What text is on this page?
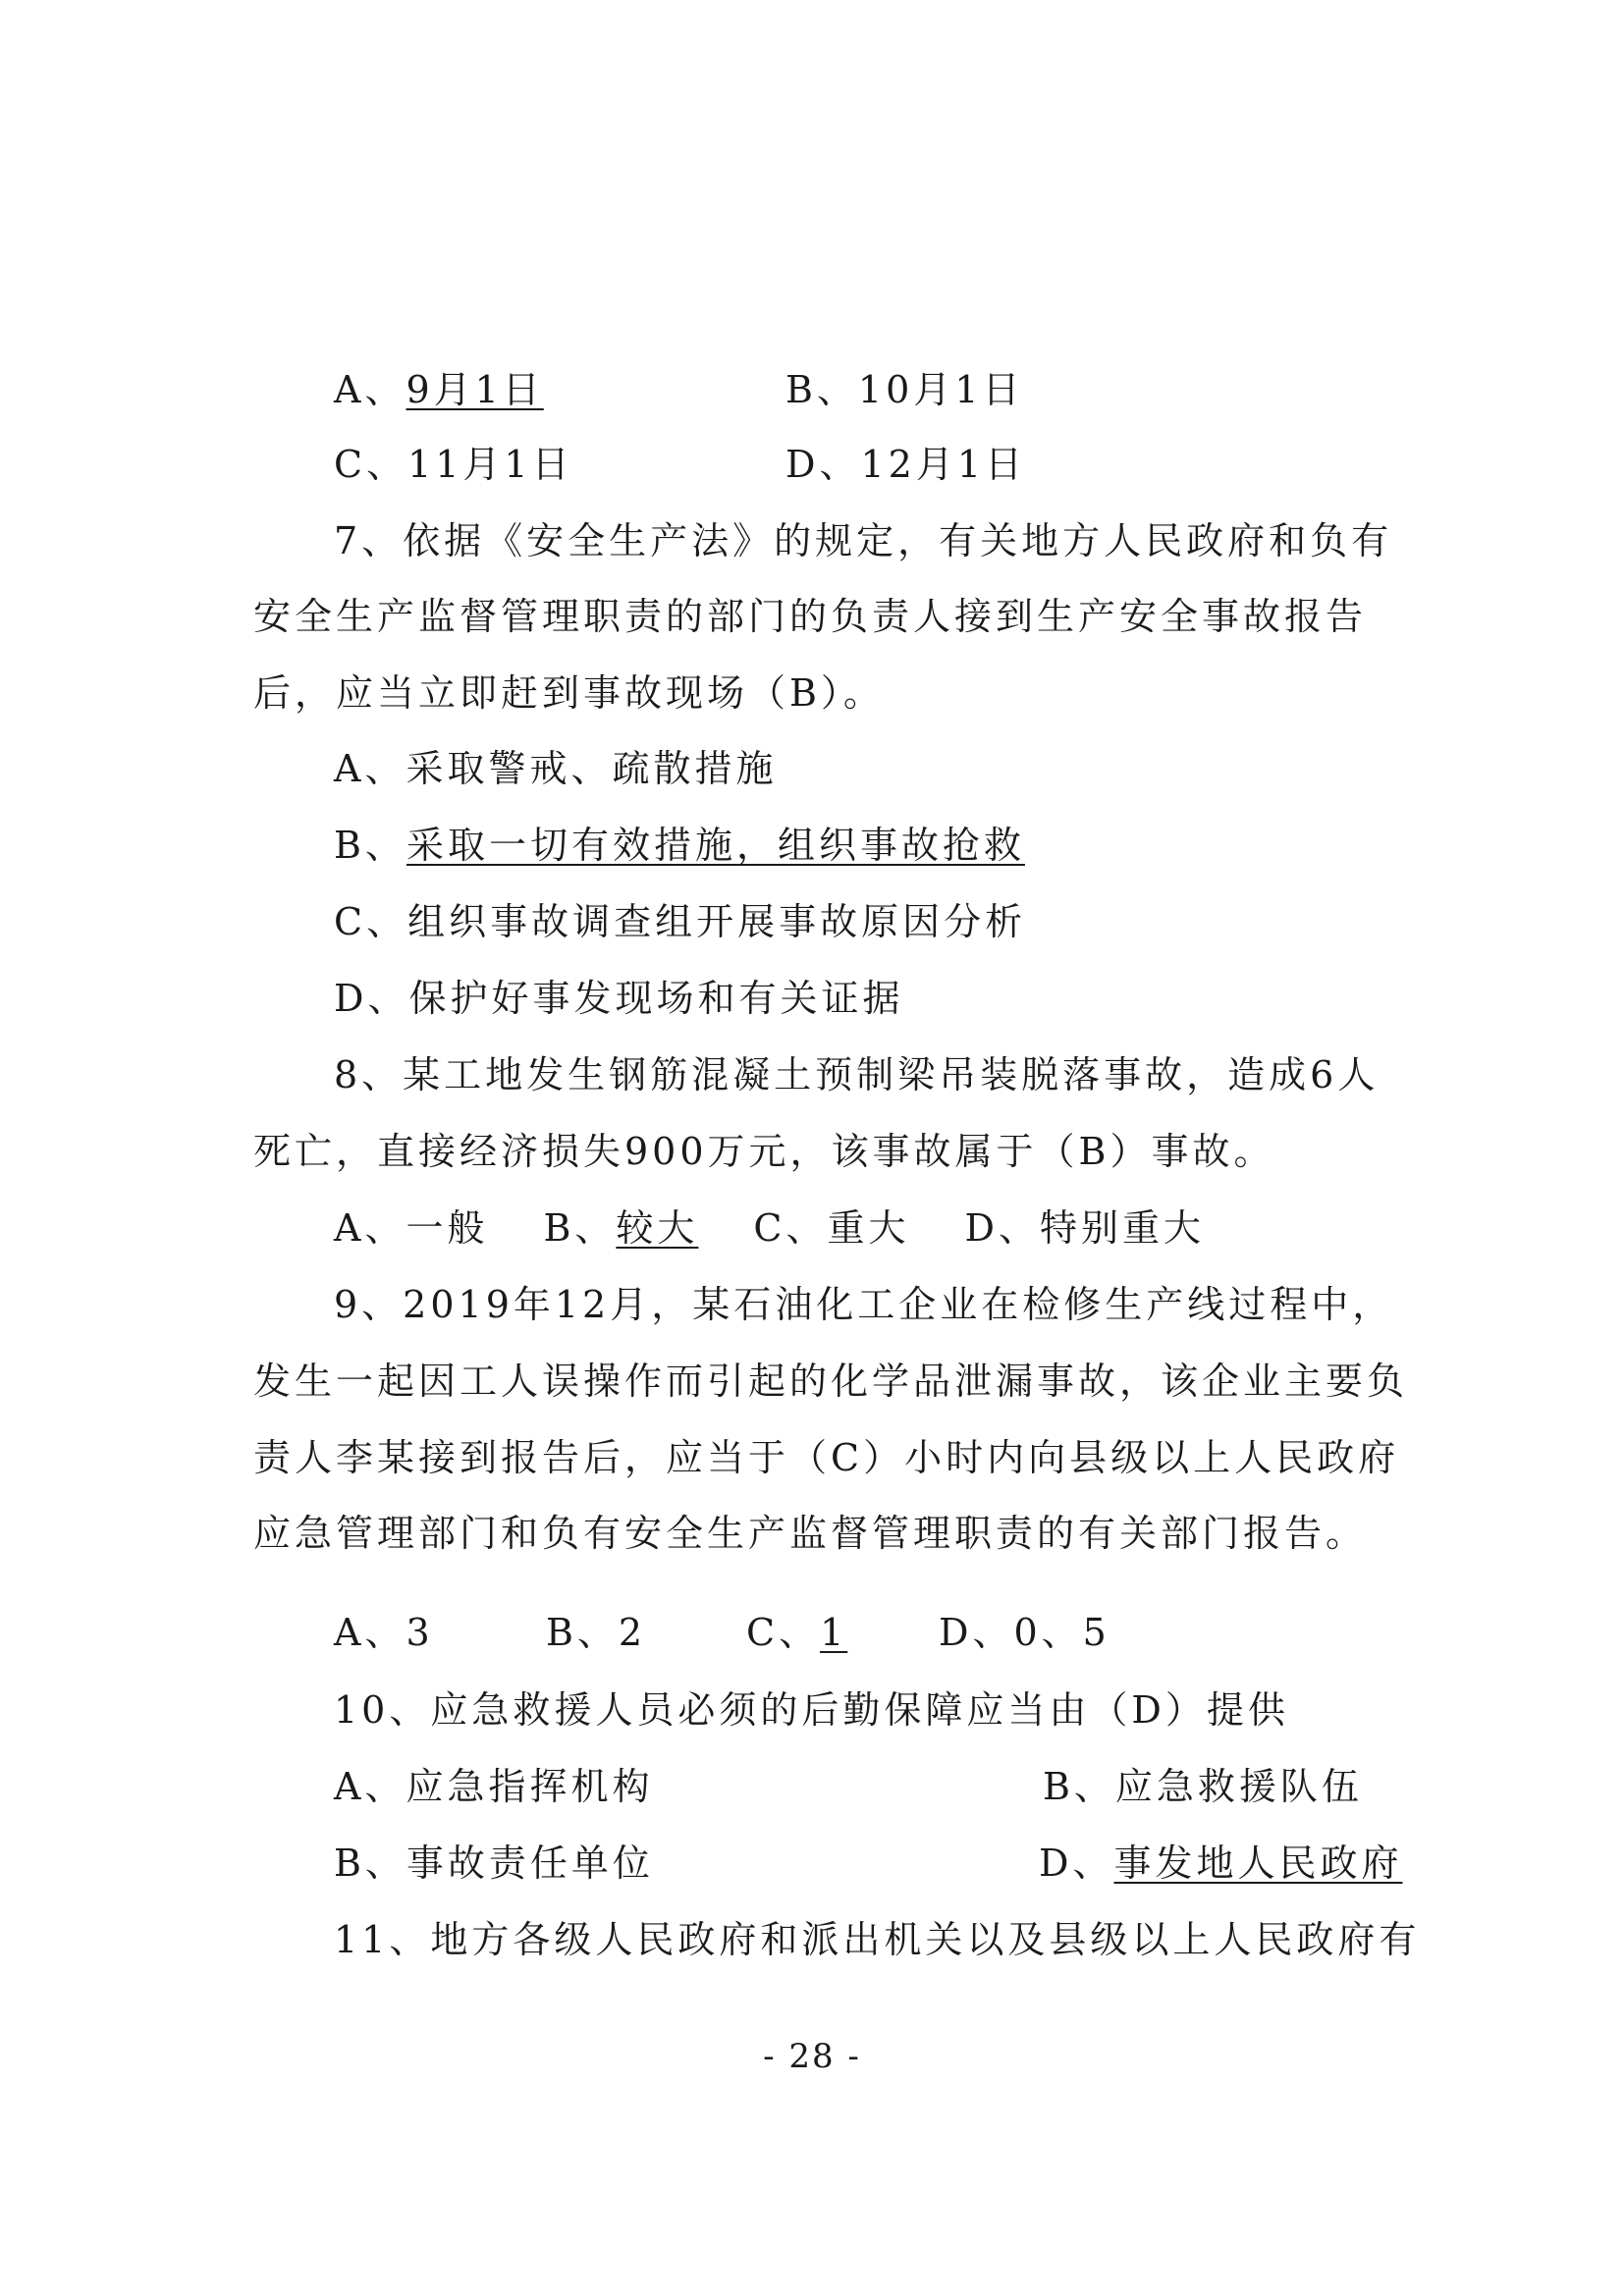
A、9月1日	B、10月1日
C、11月1日	D、12月1日
7、依据《安全生产法》的规定，有关地方人民政府和负有
安全生产监督管理职责的部门的负责人接到生产安全事故报告
后，应当立即赶到事故现场（B）。
A、采取警戒、疏散措施
B、采取一切有效措施，组织事故抢救
C、组织事故调查组开展事故原因分析
D、保护好事发现场和有关证据
8、某工地发生钢筋混凝土预制梁吊装脱落事故，造成6人
死亡，直接经济损失900万元，该事故属于（B）事故。
A、一般 B、较大 C、重大 D、特别重大
9、2019年12月，某石油化工企业在检修生产线过程中，
发生一起因工人误操作而引起的化学品泄漏事故，该企业主要负
责人李某接到报告后，应当于（C）小时内向县级以上人民政府
应急管理部门和负有安全生产监督管理职责的有关部门报告。
A、3	B、2	C、1 D、0、5
10、应急救援人员必须的后勤保障应当由（D）提供
A、应急指挥机构	B、应急救援队伍
B、事故责任单位	D、事发地人民政府
11、地方各级人民政府和派出机关以及县级以上人民政府有
- 28 -
